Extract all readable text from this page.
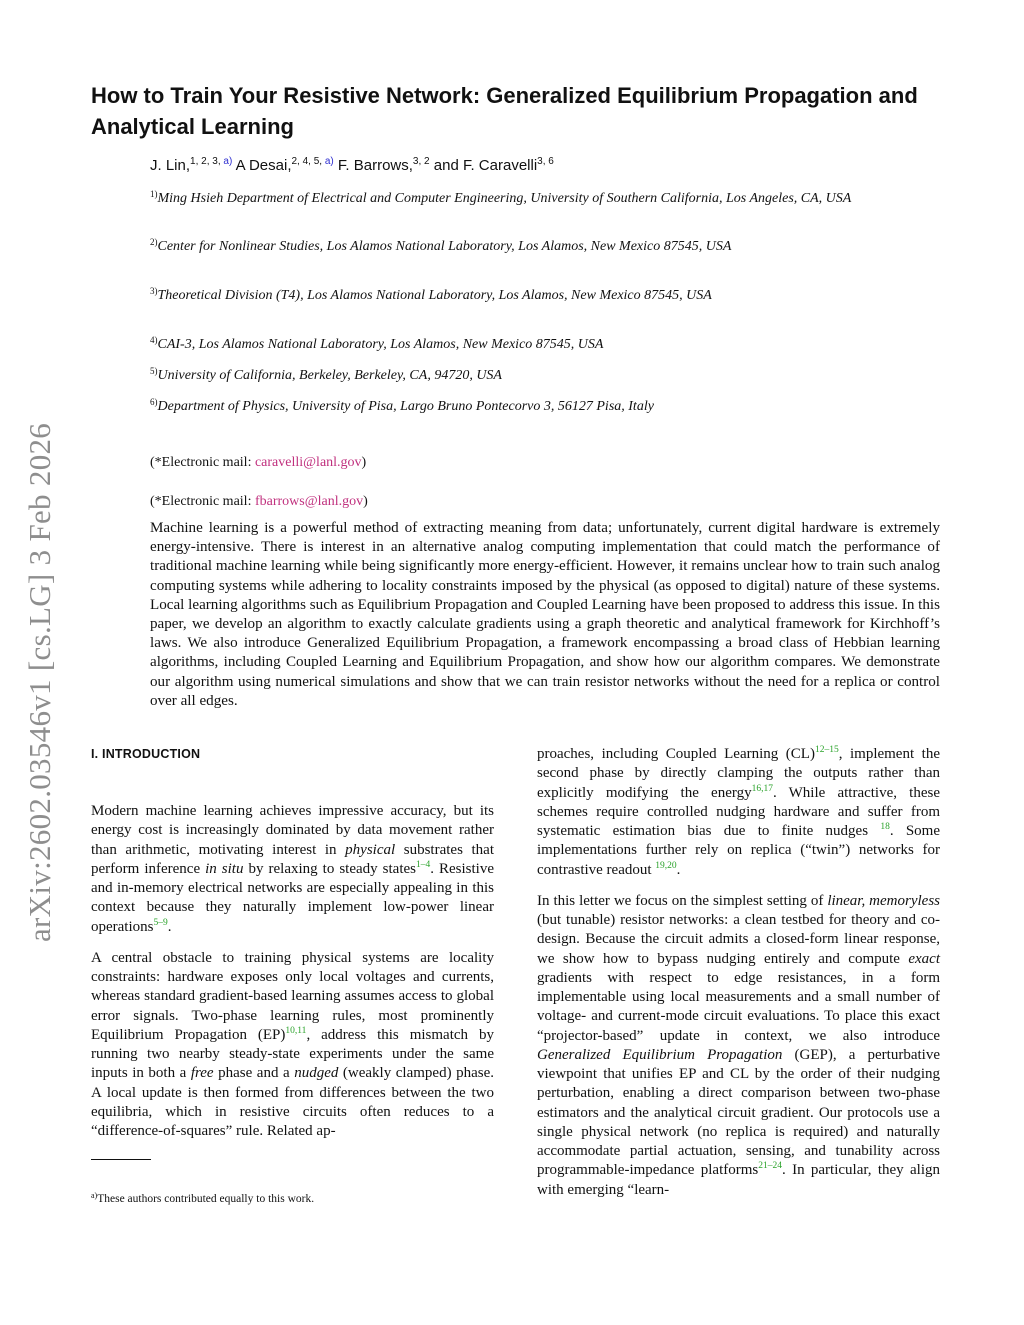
arXiv:2602.03546v1 [cs.LG] 3 Feb 2026
How to Train Your Resistive Network: Generalized Equilibrium Propagation and Analytical Learning
J. Lin,$^{1, 2, 3, a)}$ A Desai,$^{2, 4, 5, a)}$ F. Barrows,$^{3, 2}$ and F. Caravelli$^{3, 6}$
$^{1)}$Ming Hsieh Department of Electrical and Computer Engineering, University of Southern California, Los Angeles, CA, USA
$^{2)}$Center for Nonlinear Studies, Los Alamos National Laboratory, Los Alamos, New Mexico 87545, USA
$^{3)}$Theoretical Division (T4), Los Alamos National Laboratory, Los Alamos, New Mexico 87545, USA
$^{4)}$CAI-3, Los Alamos National Laboratory, Los Alamos, New Mexico 87545, USA
$^{5)}$University of California, Berkeley, Berkeley, CA, 94720, USA
$^{6)}$Department of Physics, University of Pisa, Largo Bruno Pontecorvo 3, 56127 Pisa, Italy
(*Electronic mail: caravelli@lanl.gov)
(*Electronic mail: fbarrows@lanl.gov)
Machine learning is a powerful method of extracting meaning from data; unfortunately, current digital hardware is extremely energy-intensive. There is interest in an alternative analog computing implementation that could match the performance of traditional machine learning while being significantly more energy-efficient. However, it remains unclear how to train such analog computing systems while adhering to locality constraints imposed by the physical (as opposed to digital) nature of these systems. Local learning algorithms such as Equilibrium Propagation and Coupled Learning have been proposed to address this issue. In this paper, we develop an algorithm to exactly calculate gradients using a graph theoretic and analytical framework for Kirchhoff’s laws. We also introduce Generalized Equilibrium Propagation, a framework encompassing a broad class of Hebbian learning algorithms, including Coupled Learning and Equilibrium Propagation, and show how our algorithm compares. We demonstrate our algorithm using numerical simulations and show that we can train resistor networks without the need for a replica or control over all edges.
I. INTRODUCTION

Modern machine learning achieves impressive accuracy, but its energy cost is increasingly dominated by data movement rather than arithmetic, motivating interest in physical substrates that perform inference in situ by relaxing to steady states$^{1-4}$. Resistive and in-memory electrical networks are especially appealing in this context because they naturally implement low-power linear operations$^{5-9}$.

A central obstacle to training physical systems are locality constraints: hardware exposes only local voltages and currents, whereas standard gradient-based learning assumes access to global error signals. Two-phase learning rules, most prominently Equilibrium Propagation (EP)$^{10,11}$, address this mismatch by running two nearby steady-state experiments under the same inputs in both a free phase and a nudged (weakly clamped) phase. A local update is then formed from differences between the two equilibria, which in resistive circuits often reduces to a “difference-of-squares” rule. Related ap-

proaches, including Coupled Learning (CL)$^{12-15}$, implement the second phase by directly clamping the outputs rather than explicitly modifying the energy$^{16,17}$. While attractive, these schemes require controlled nudging hardware and suffer from systematic estimation bias due to finite nudges $^{18}$. Some implementations further rely on replica (“twin”) networks for contrastive readout $^{19,20}$.

In this letter we focus on the simplest setting of linear, memoryless (but tunable) resistor networks: a clean testbed for theory and co-design. Because the circuit admits a closed-form linear response, we show how to bypass nudging entirely and compute exact gradients with respect to edge resistances, in a form implementable using local measurements and a small number of voltage- and current-mode circuit evaluations. To place this exact “projector-based” update in context, we also introduce Generalized Equilibrium Propagation (GEP), a perturbative viewpoint that unifies EP and CL by the order of their nudging perturbation, enabling a direct comparison between two-phase estimators and the analytical circuit gradient. Our protocols use a single physical network (no replica is required) and naturally accommodate partial actuation, sensing, and tunability across programmable-impedance platforms$^{21-24}$. In particular, they align with emerging “learn-

$^{a)}$These authors contributed equally to this work.
